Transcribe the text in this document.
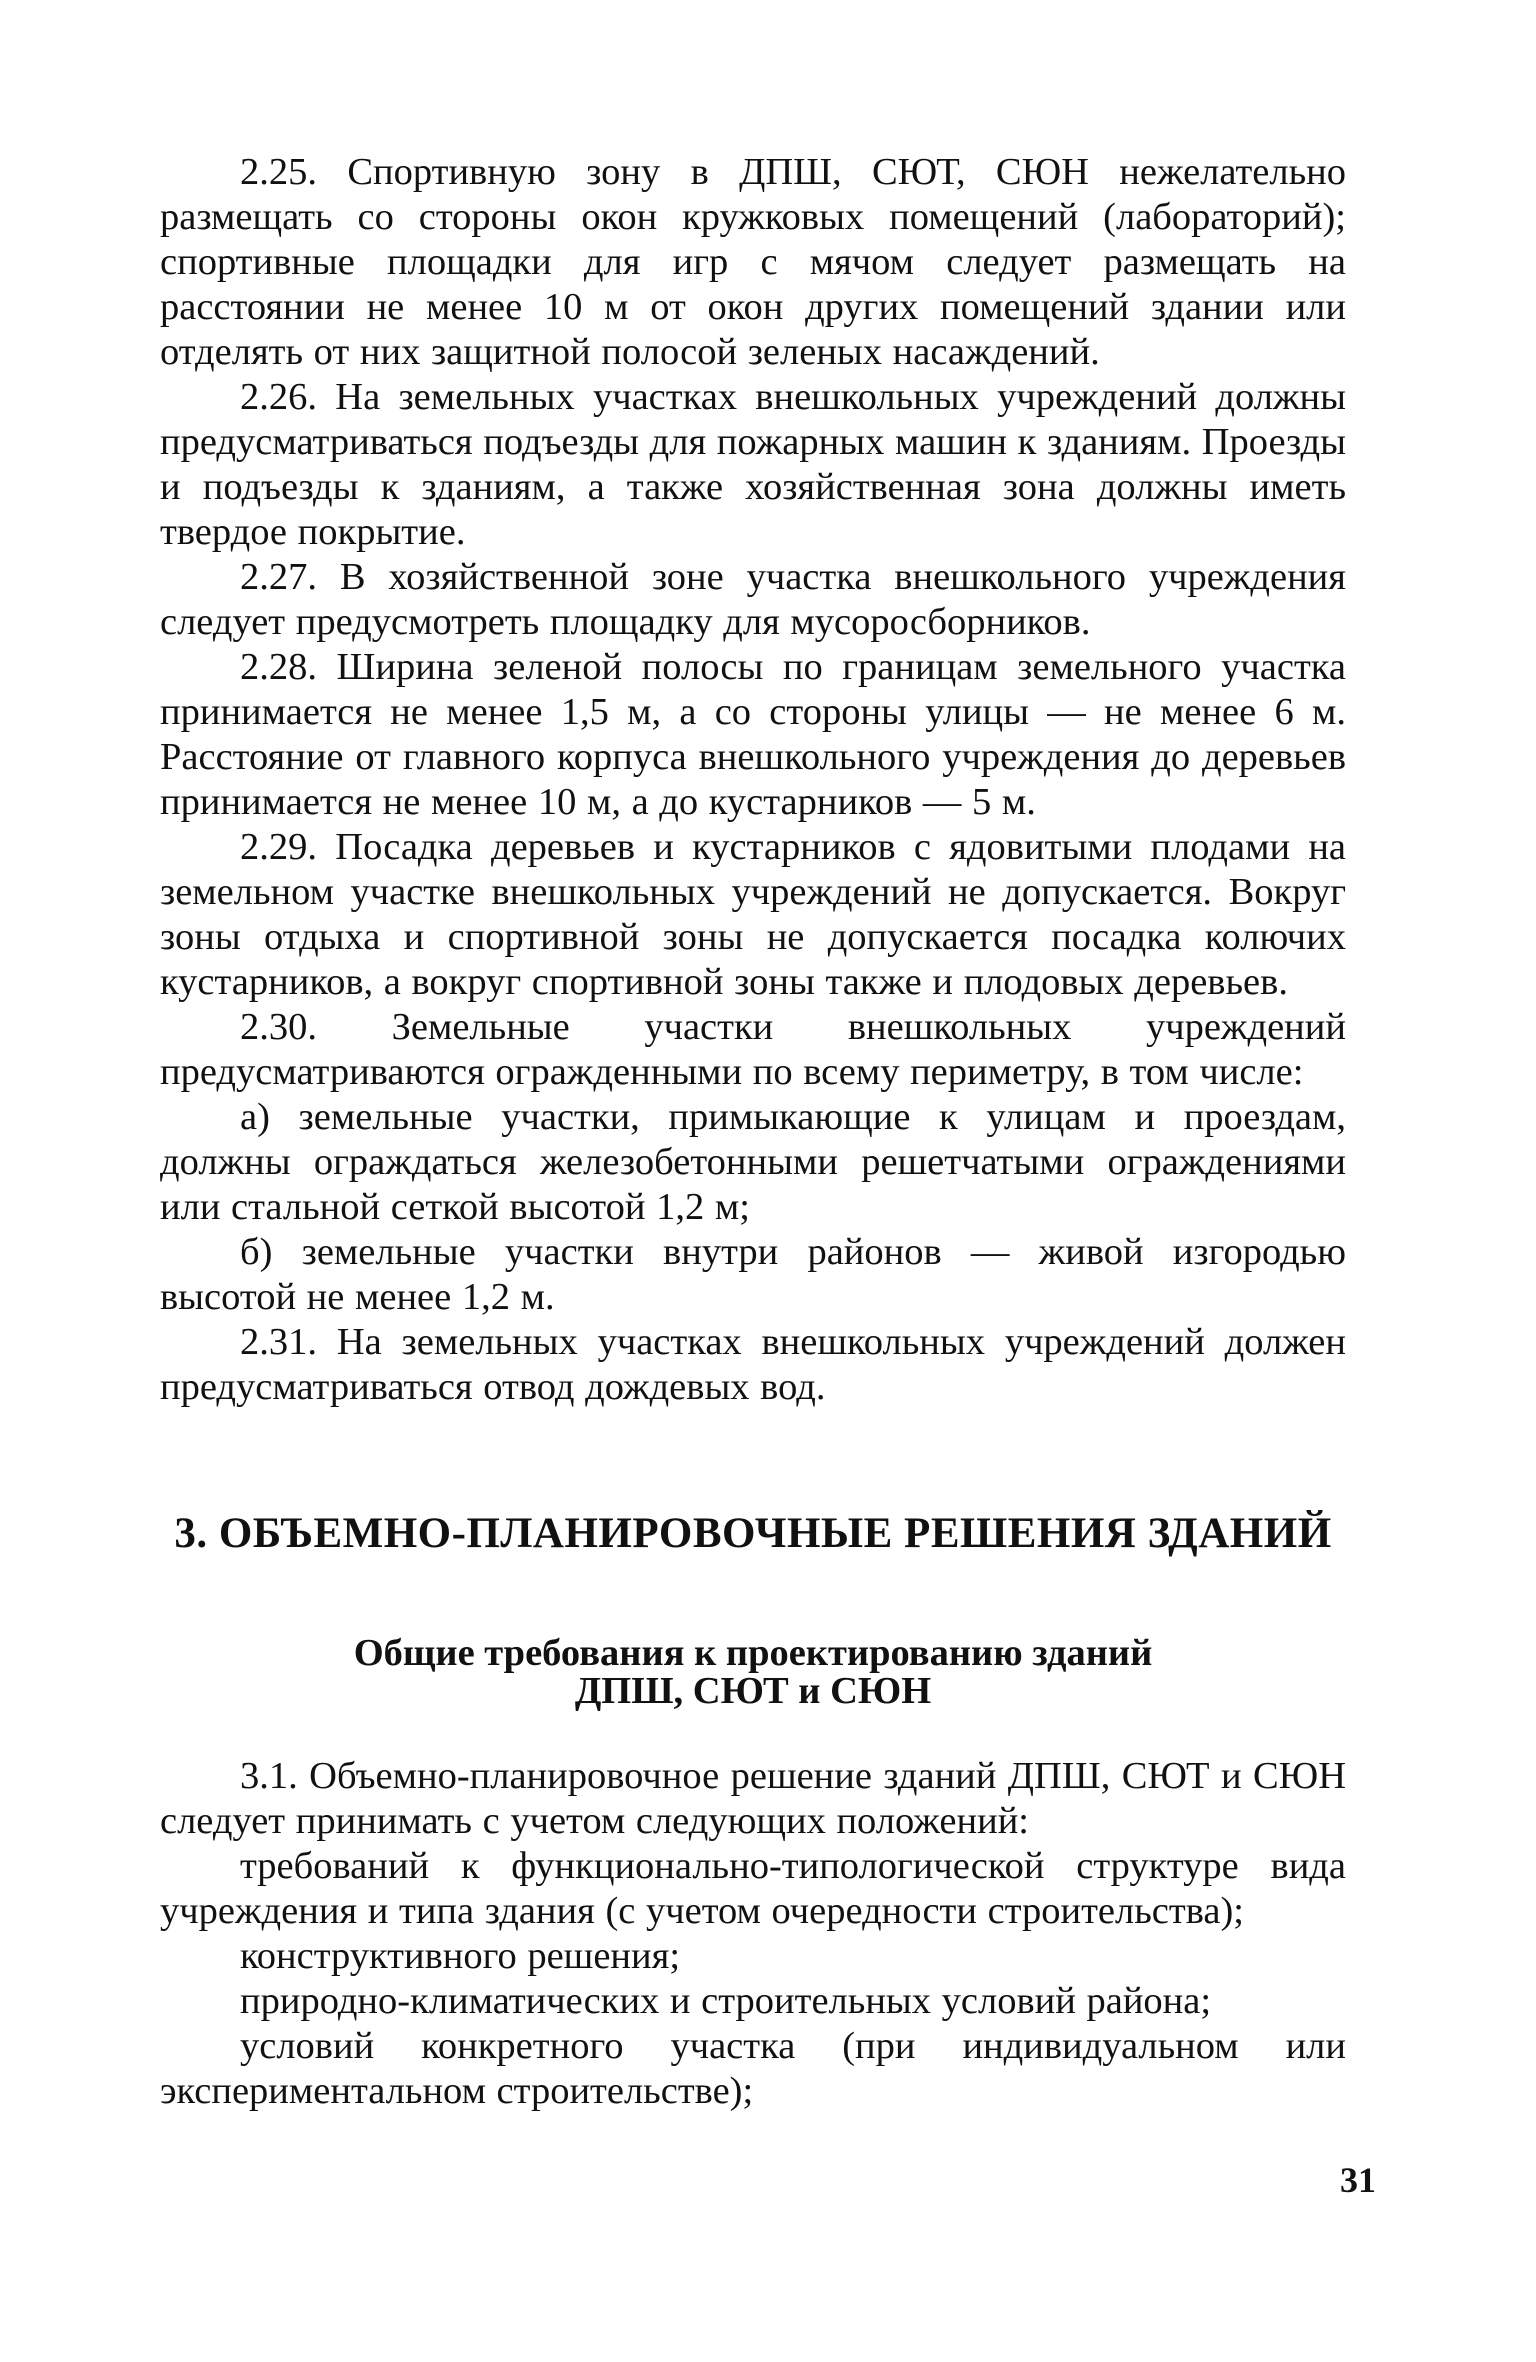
2.25. Спортивную зону в ДПШ, СЮТ, СЮН нежелательно размещать со стороны окон кружковых помещений (лабораторий); спортивные площадки для игр с мячом следует размещать на расстоянии не менее 10 м от окон других помещений здании или отделять от них защитной полосой зеленых насаждений.

2.26. На земельных участках внешкольных учреждений должны предусматриваться подъезды для пожарных машин к зданиям. Проезды и подъезды к зданиям, а также хозяйственная зона должны иметь твердое покрытие.

2.27. В хозяйственной зоне участка внешкольного учреждения следует предусмотреть площадку для мусоросборников.

2.28. Ширина зеленой полосы по границам земельного участка принимается не менее 1,5 м, а со стороны улицы — не менее 6 м. Расстояние от главного корпуса внешкольного учреждения до деревьев принимается не менее 10 м, а до кустарников — 5 м.

2.29. Посадка деревьев и кустарников с ядовитыми плодами на земельном участке внешкольных учреждений не допускается. Вокруг зоны отдыха и спортивной зоны не допускается посадка колючих кустарников, а вокруг спортивной зоны также и плодовых деревьев.

2.30. Земельные участки внешкольных учреждений предусматриваются огражденными по всему периметру, в том числе:

а) земельные участки, примыкающие к улицам и проездам, должны ограждаться железобетонными решетчатыми ограждениями или стальной сеткой высотой 1,2 м;

б) земельные участки внутри районов — живой изгородью высотой не менее 1,2 м.

2.31. На земельных участках внешкольных учреждений должен предусматриваться отвод дождевых вод.

3. ОБЪЕМНО-ПЛАНИРОВОЧНЫЕ РЕШЕНИЯ ЗДАНИЙ

Общие требования к проектированию зданий

ДПШ, СЮТ и СЮН

3.1. Объемно-планировочное решение зданий ДПШ, СЮТ и СЮН следует принимать с учетом следующих положений:

требований к функционально-типологической структуре вида учреждения и типа здания (с учетом очередности строительства);

конструктивного решения;

природно-климатических и строительных условий района;

условий конкретного участка (при индивидуальном или экспериментальном строительстве);

31
